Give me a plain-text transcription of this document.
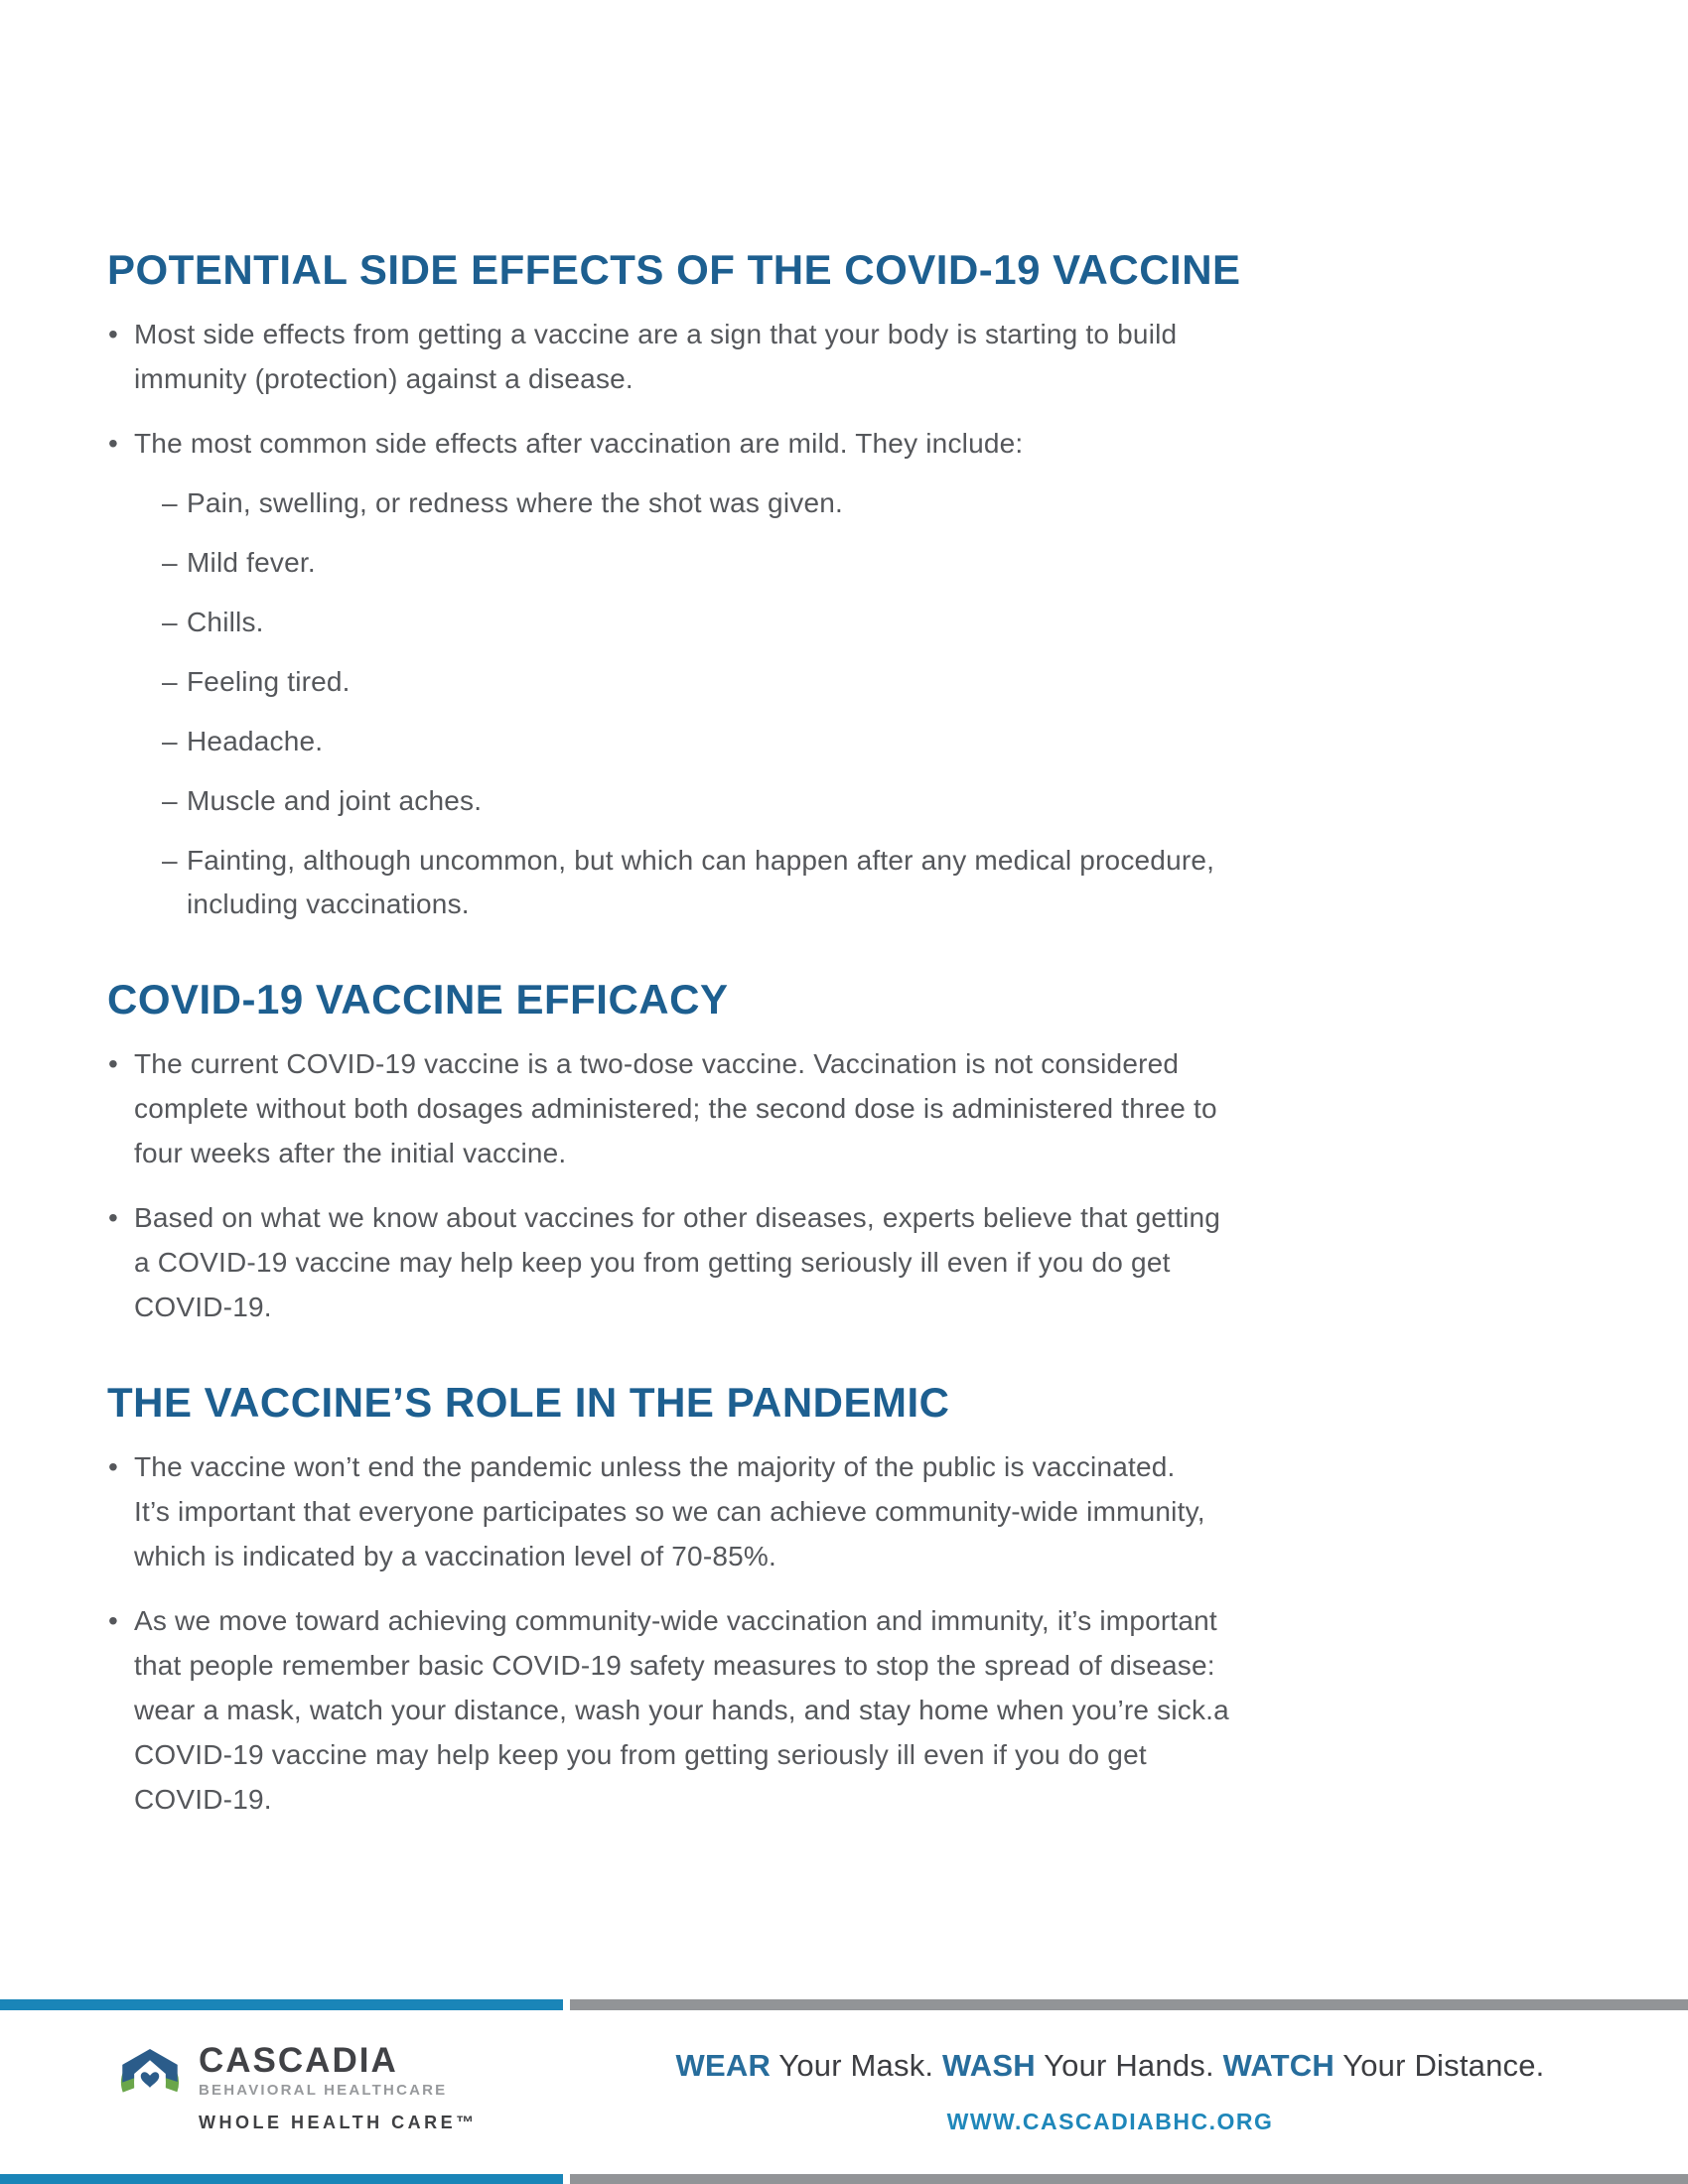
POTENTIAL SIDE EFFECTS OF THE COVID-19 VACCINE
• Most side effects from getting a vaccine are a sign that your body is starting to build
immunity (protection) against a disease.
• The most common side effects after vaccination are mild. They include:
– Pain, swelling, or redness where the shot was given.
– Mild fever.
– Chills.
– Feeling tired.
– Headache.
– Muscle and joint aches.
– Fainting, although uncommon, but which can happen after any medical procedure,
including vaccinations.
COVID-19 VACCINE EFFICACY
• The current COVID-19 vaccine is a two-dose vaccine. Vaccination is not considered
complete without both dosages administered; the second dose is administered three to
four weeks after the initial vaccine.
• Based on what we know about vaccines for other diseases, experts believe that getting
a COVID-19 vaccine may help keep you from getting seriously ill even if you do get
COVID-19.
THE VACCINE’S ROLE IN THE PANDEMIC
• The vaccine won’t end the pandemic unless the majority of the public is vaccinated.
It’s important that everyone participates so we can achieve community-wide immunity,
which is indicated by a vaccination level of 70-85%.
• As we move toward achieving community-wide vaccination and immunity, it’s important
that people remember basic COVID-19 safety measures to stop the spread of disease:
wear a mask, watch your distance, wash your hands, and stay home when you’re sick.a
COVID-19 vaccine may help keep you from getting seriously ill even if you do get
COVID-19.
CASCADIA
BEHAVIORAL HEALTHCARE
WHOLE HEALTH CARE™

WEAR Your Mask. WASH Your Hands. WATCH Your Distance.

WWW.CASCADIABHC.ORG
